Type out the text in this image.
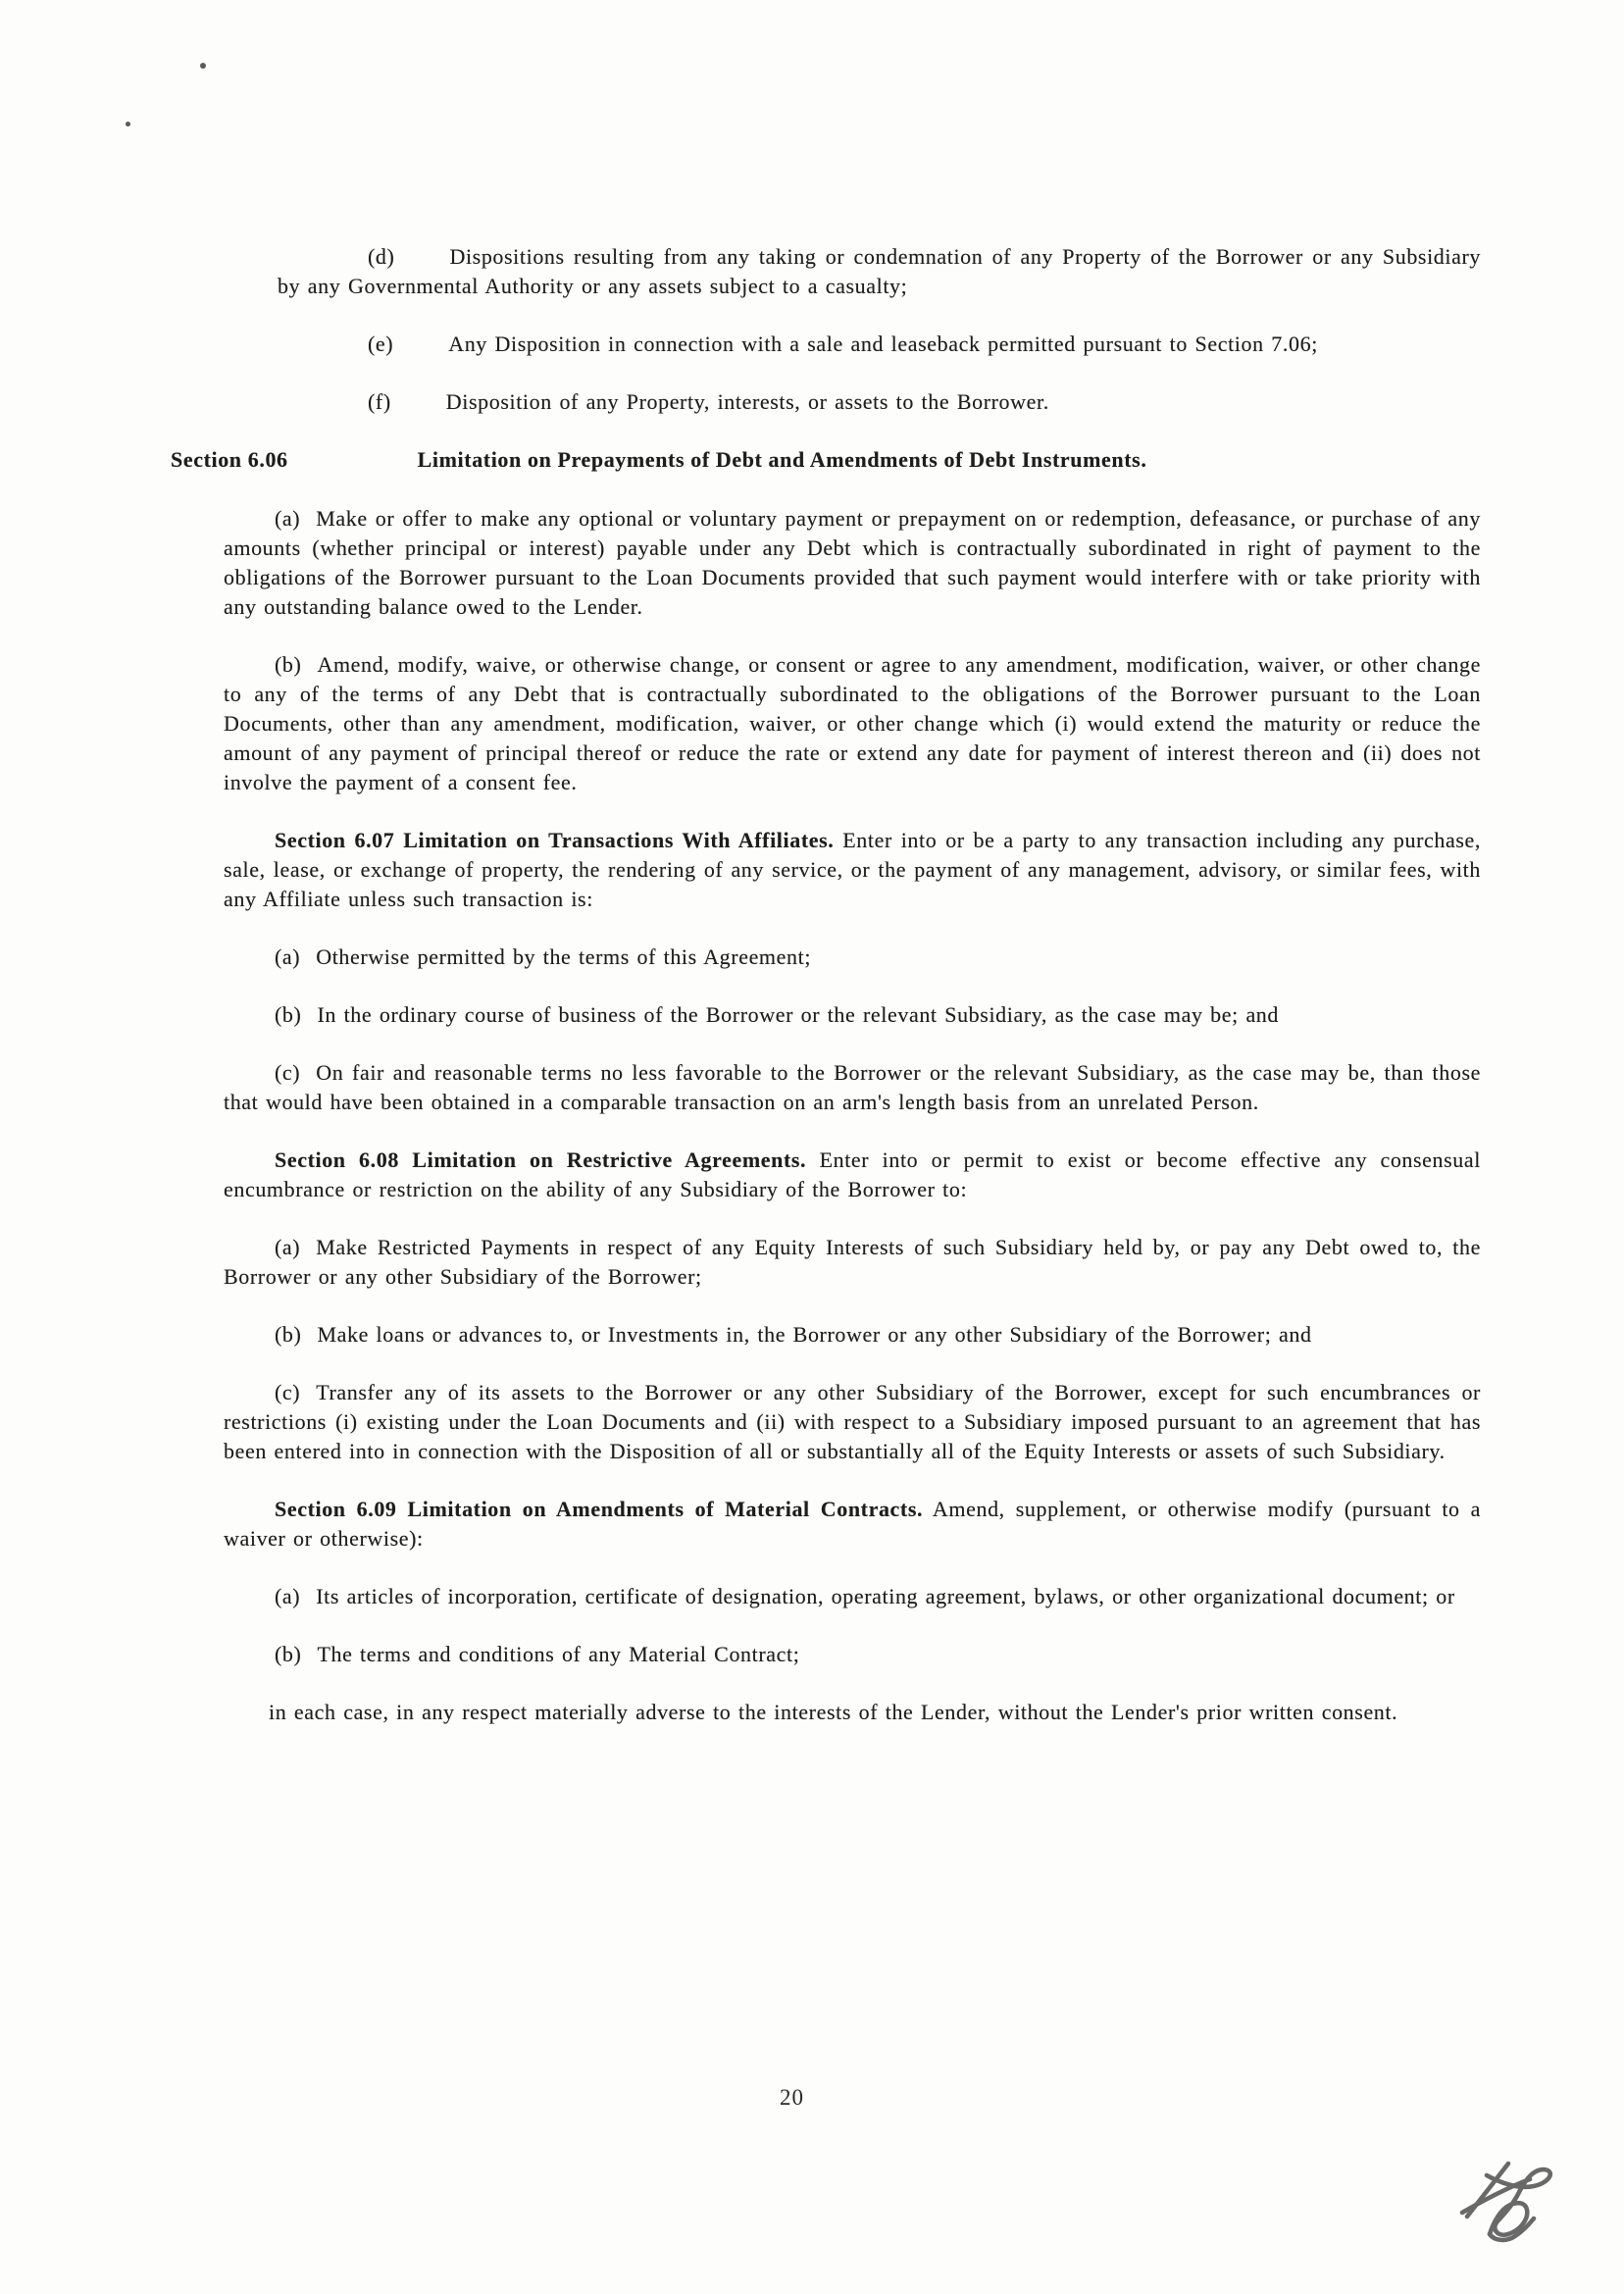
(d)	Dispositions resulting from any taking or condemnation of any Property of the Borrower or any Subsidiary by any Governmental Authority or any assets subject to a casualty;

(e)	Any Disposition in connection with a sale and leaseback permitted pursuant to Section 7.06;

(f)	Disposition of any Property, interests, or assets to the Borrower.

Section 6.06	Limitation on Prepayments of Debt and Amendments of Debt Instruments.

(a) Make or offer to make any optional or voluntary payment or prepayment on or redemption, defeasance, or purchase of any amounts (whether principal or interest) payable under any Debt which is contractually subordinated in right of payment to the obligations of the Borrower pursuant to the Loan Documents provided that such payment would interfere with or take priority with any outstanding balance owed to the Lender.

(b) Amend, modify, waive, or otherwise change, or consent or agree to any amendment, modification, waiver, or other change to any of the terms of any Debt that is contractually subordinated to the obligations of the Borrower pursuant to the Loan Documents, other than any amendment, modification, waiver, or other change which (i) would extend the maturity or reduce the amount of any payment of principal thereof or reduce the rate or extend any date for payment of interest thereon and (ii) does not involve the payment of a consent fee.

Section 6.07 Limitation on Transactions With Affiliates. Enter into or be a party to any transaction including any purchase, sale, lease, or exchange of property, the rendering of any service, or the payment of any management, advisory, or similar fees, with any Affiliate unless such transaction is:

(a) Otherwise permitted by the terms of this Agreement;

(b) In the ordinary course of business of the Borrower or the relevant Subsidiary, as the case may be; and

(c) On fair and reasonable terms no less favorable to the Borrower or the relevant Subsidiary, as the case may be, than those that would have been obtained in a comparable transaction on an arm's length basis from an unrelated Person.

Section 6.08 Limitation on Restrictive Agreements. Enter into or permit to exist or become effective any consensual encumbrance or restriction on the ability of any Subsidiary of the Borrower to:

(a) Make Restricted Payments in respect of any Equity Interests of such Subsidiary held by, or pay any Debt owed to, the Borrower or any other Subsidiary of the Borrower;

(b) Make loans or advances to, or Investments in, the Borrower or any other Subsidiary of the Borrower; and

(c) Transfer any of its assets to the Borrower or any other Subsidiary of the Borrower, except for such encumbrances or restrictions (i) existing under the Loan Documents and (ii) with respect to a Subsidiary imposed pursuant to an agreement that has been entered into in connection with the Disposition of all or substantially all of the Equity Interests or assets of such Subsidiary.

Section 6.09 Limitation on Amendments of Material Contracts. Amend, supplement, or otherwise modify (pursuant to a waiver or otherwise):

(a) Its articles of incorporation, certificate of designation, operating agreement, bylaws, or other organizational document; or

(b) The terms and conditions of any Material Contract;

in each case, in any respect materially adverse to the interests of the Lender, without the Lender's prior written consent.

20
